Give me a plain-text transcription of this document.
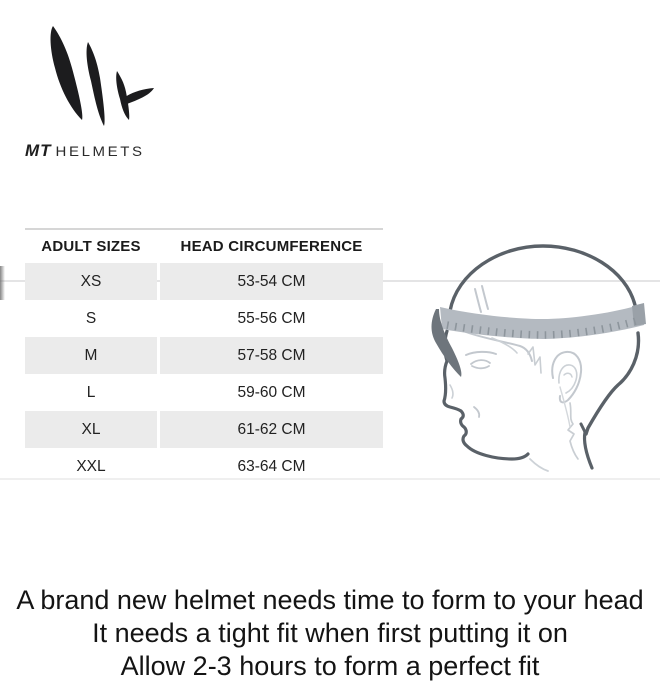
MT HELMETS
ADULT SIZES	HEAD CIRCUMFERENCE
XS	53-54 CM
S	55-56 CM
M	57-58 CM
L	59-60 CM
XL	61-62 CM
XXL	63-64 CM
A brand new helmet needs time to form to your head
It needs a tight fit when first putting it on
Allow 2-3 hours to form a perfect fit
